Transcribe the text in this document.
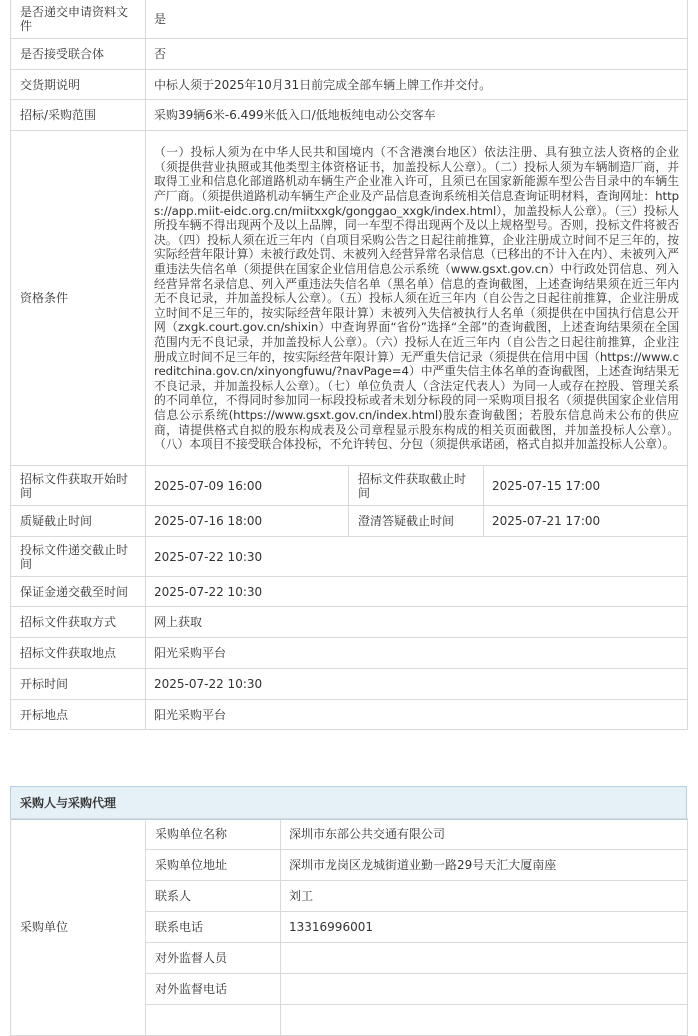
是否递交申请资料文件	是		
是否接受联合体	否		
交货期说明	中标人须于2025年10月31日前完成全部车辆上牌工作并交付。		
招标/采购范围	采购39辆6米-6.499米低入口/低地板纯电动公交客车		
资格条件	（一）投标人须为在中华人民共和国境内（不含港澳台地区）依法注册、具有独立法人资格的企业（须提供营业执照或其他类型主体资格证书，加盖投标人公章）。（二）投标人须为车辆制造厂商，并取得工业和信息化部道路机动车辆生产企业准入许可，且须已在国家新能源车型公告目录中的车辆生产厂商。（须提供道路机动车辆生产企业及产品信息查询系统相关信息查询证明材料，查询网址：https://app.miit-eidc.org.cn/miitxxgk/gonggao_xxgk/index.html），加盖投标人公章）。（三）投标人所投车辆不得出现两个及以上品牌，同一车型不得出现两个及以上规格型号。否则，投标文件将被否决。（四）投标人须在近三年内（自项目采购公告之日起往前推算，企业注册成立时间不足三年的，按实际经营年限计算）未被行政处罚、未被列入经营异常名录信息（已移出的不计入在内）、未被列入严重违法失信名单（须提供在国家企业信用信息公示系统（www.gsxt.gov.cn）中行政处罚信息、列入经营异常名录信息、列入严重违法失信名单（黑名单）信息的查询截图，上述查询结果须在近三年内无不良记录，并加盖投标人公章）。（五）投标人须在近三年内（自公告之日起往前推算，企业注册成立时间不足三年的，按实际经营年限计算）未被列入失信被执行人名单（须提供在中国执行信息公开网（zxgk.court.gov.cn/shixin）中查询界面“省份”选择“全部”的查询截图，上述查询结果须在全国范围内无不良记录，并加盖投标人公章）。（六）投标人在近三年内（自公告之日起往前推算，企业注册成立时间不足三年的，按实际经营年限计算）无严重失信记录（须提供在信用中国（https://www.creditchina.gov.cn/xinyongfuwu/?navPage=4）中严重失信主体名单的查询截图，上述查询结果无不良记录，并加盖投标人公章）。（七）单位负责人（含法定代表人）为同一人或存在控股、管理关系的不同单位，不得同时参加同一标段投标或者未划分标段的同一采购项目报名（须提供国家企业信用信息公示系统(https://www.gsxt.gov.cn/index.html)股东查询截图；若股东信息尚未公布的供应商，请提供格式自拟的股东构成表及公司章程显示股东构成的相关页面截图，并加盖投标人公章）。（八）本项目不接受联合体投标，不允许转包、分包（须提供承诺函，格式自拟并加盖投标人公章）。		
招标文件获取开始时间	2025-07-09 16:00	招标文件获取截止时间	2025-07-15 17:00
质疑截止时间	2025-07-16 18:00	澄清答疑截止时间	2025-07-21 17:00
投标文件递交截止时间	2025-07-22 10:30		
保证金递交截至时间	2025-07-22 10:30		
招标文件获取方式	网上获取		
招标文件获取地点	阳光采购平台		
开标时间	2025-07-22 10:30		
开标地点	阳光采购平台		
采购人与采购代理
采购单位	采购单位名称	深圳市东部公共交通有限公司
	采购单位地址	深圳市龙岗区龙城街道业勤一路29号天汇大厦南座
	联系人	刘工
	联系电话	13316996001
	对外监督人员	
	对外监督电话	
